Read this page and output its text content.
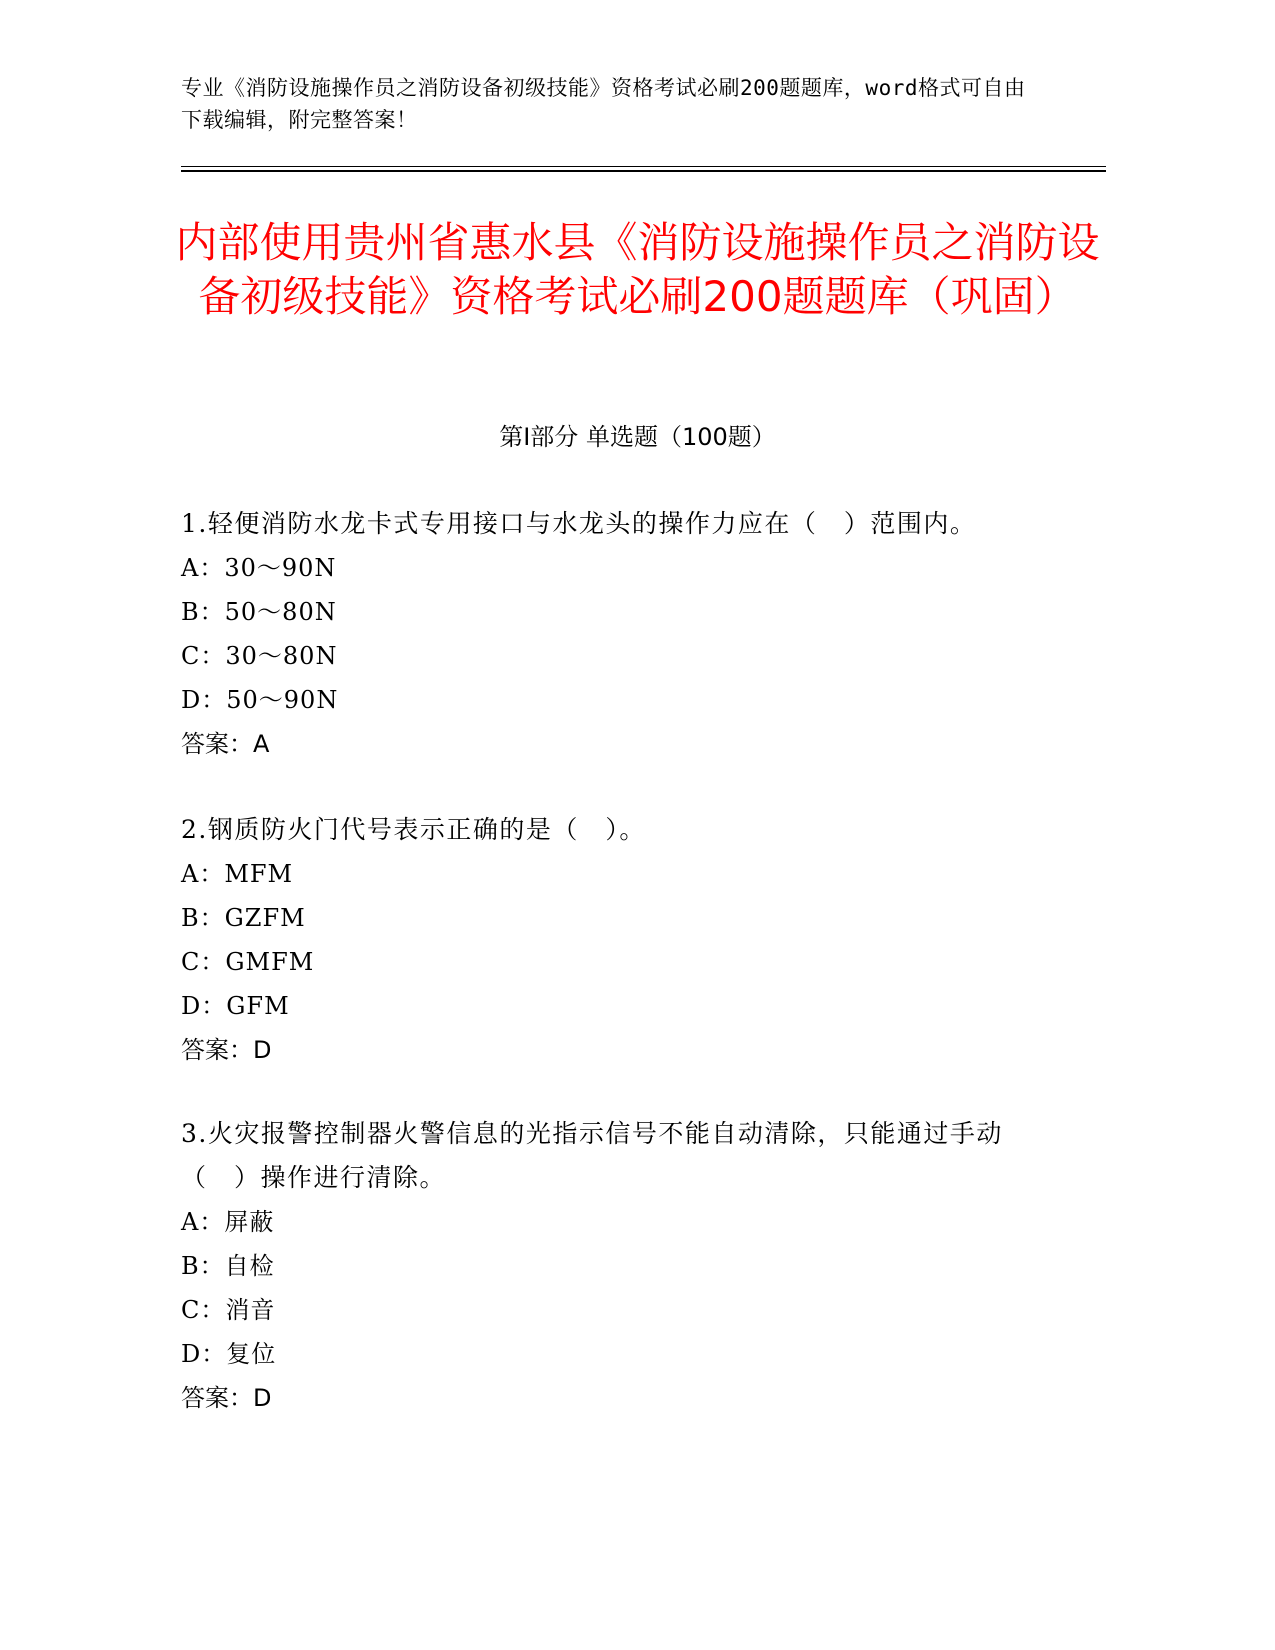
专业《消防设施操作员之消防设备初级技能》资格考试必刷200题题库，word格式可自由下载编辑，附完整答案！

内部使用贵州省惠水县《消防设施操作员之消防设备初级技能》资格考试必刷200题题库（巩固）
第Ⅰ部分 单选题（100题）

1.轻便消防水龙卡式专用接口与水龙头的操作力应在（　）范围内。

A：30～90N

B：50～80N

C：30～80N

D：50～90N

答案：A

2.钢质防火门代号表示正确的是（　）。

A：MFM

B：GZFM

C：GMFM

D：GFM

答案：D

3.火灾报警控制器火警信息的光指示信号不能自动清除，只能通过手动（　）操作进行清除。

A：屏蔽

B：自检

C：消音

D：复位

答案：D
